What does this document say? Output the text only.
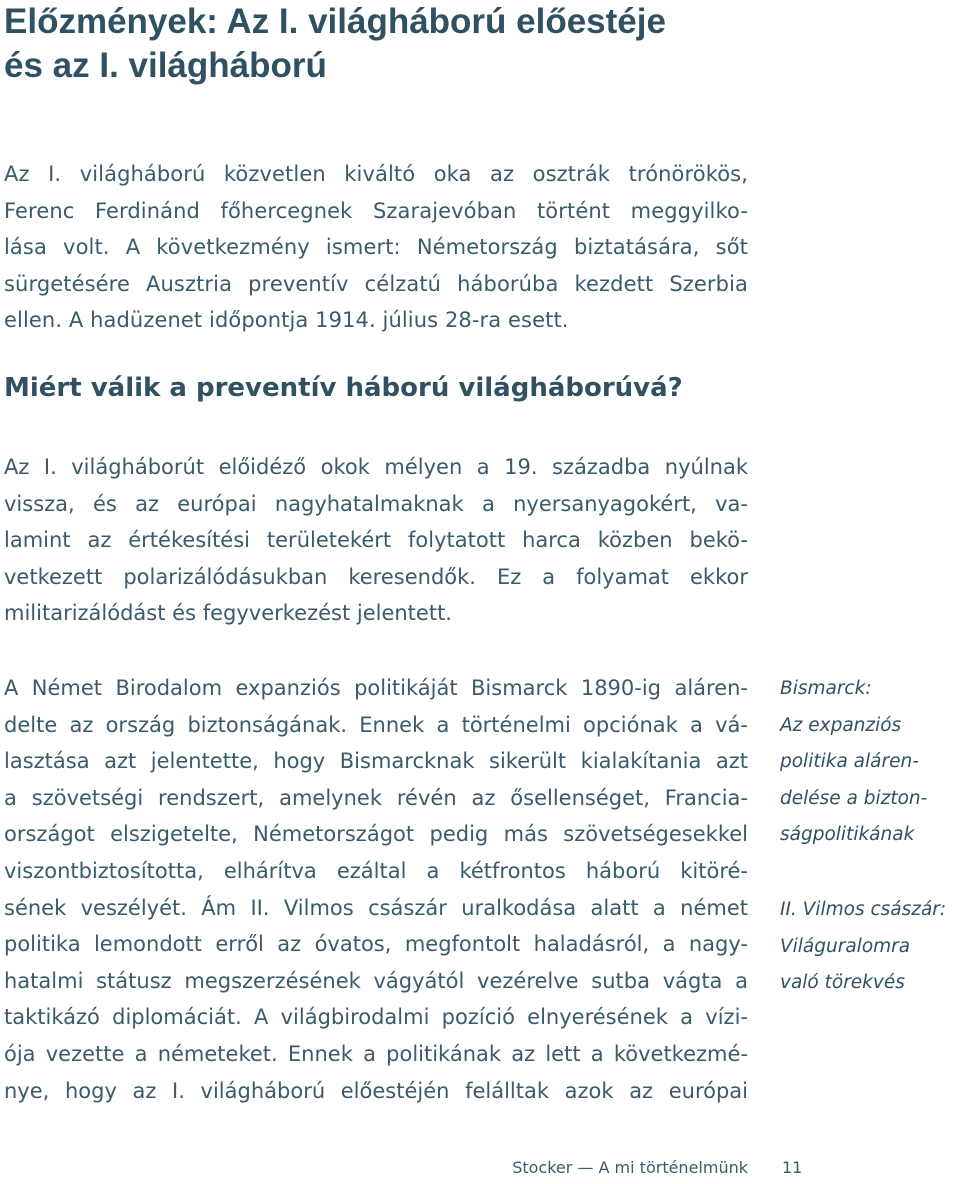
Előzmények: Az I. világháború előestéje
és az I. világháború
Az I. világháború közvetlen kiváltó oka az osztrák trónörökös,
Ferenc Ferdinánd főhercegnek Szarajevóban történt meggyilko-
lása volt. A következmény ismert: Németország biztatására, sőt
sürgetésére Ausztria preventív célzatú háborúba kezdett Szerbia
ellen. A hadüzenet időpontja 1914. július 28-ra esett.
Miért válik a preventív háború világháborúvá?
Az I. világháborút előidéző okok mélyen a 19. századba nyúlnak
vissza, és az európai nagyhatalmaknak a nyersanyagokért, va-
lamint az értékesítési területekért folytatott harca közben bekö-
vetkezett polarizálódásukban keresendők. Ez a folyamat ekkor
militarizálódást és fegyverkezést jelentett.
A Német Birodalom expanziós politikáját Bismarck 1890-ig aláren-
delte az ország biztonságának. Ennek a történelmi opciónak a vá-
lasztása azt jelentette, hogy Bismarcknak sikerült kialakítania azt
a szövetségi rendszert, amelynek révén az ősellenséget, Francia-
országot elszigetelte, Németországot pedig más szövetségesekkel
viszontbiztosította, elhárítva ezáltal a kétfrontos háború kitöré-
sének veszélyét. Ám II. Vilmos császár uralkodása alatt a német
politika lemondott erről az óvatos, megfontolt haladásról, a nagy-
hatalmi státusz megszerzésének vágyától vezérelve sutba vágta a
taktikázó diplomáciát. A világbirodalmi pozíció elnyerésének a vízi-
ója vezette a németeket. Ennek a politikának az lett a következmé-
nye, hogy az I. világháború előestéjén felálltak azok az európai
Bismarck:
Az expanziós
politika aláren-
delése a bizton-
ságpolitikának
II. Vilmos császár:
Világuralomra
való törekvés
Stocker — A mi történelmünk 11
